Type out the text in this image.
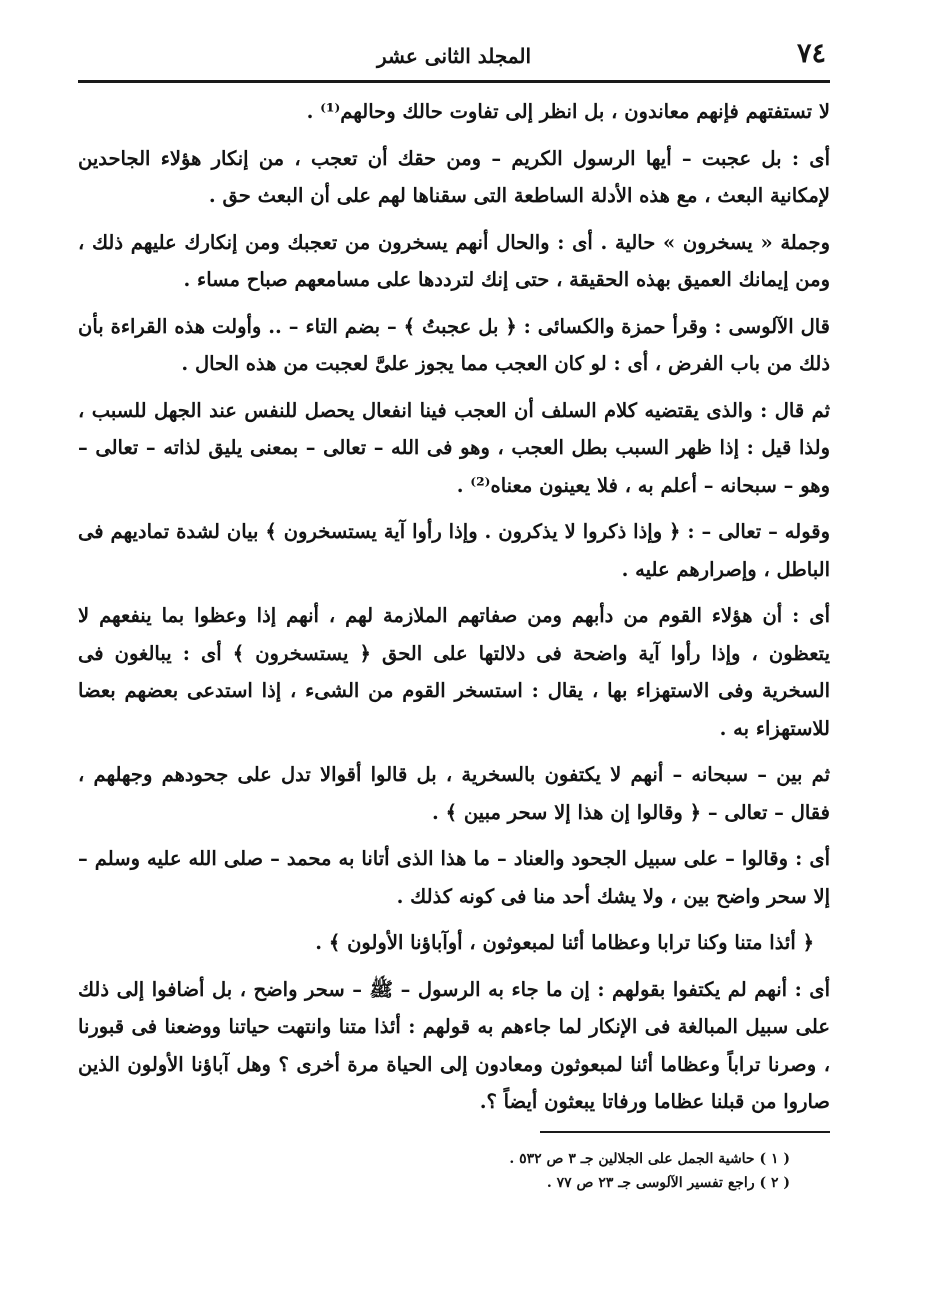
٧٤
المجلد الثانى عشر

لا تستفتهم فإنهم معاندون ، بل انظر إلى تفاوت حالك وحالهم⁽¹⁾ .

أى : بل عجبت – أيها الرسول الكريم – ومن حقك أن تعجب ، من إنكار هؤلاء الجاحدين لإمكانية البعث ، مع هذه الأدلة الساطعة التى سقناها لهم على أن البعث حق .

وجملة « يسخرون » حالية . أى : والحال أنهم يسخرون من تعجبك ومن إنكارك عليهم ذلك ، ومن إيمانك العميق بهذه الحقيقة ، حتى إنك لترددها على مسامعهم صباح مساء .

قال الآلوسى : وقرأ حمزة والكسائى : ﴿ بل عجبتُ ﴾ – بضم التاء – .. وأولت هذه القراءة بأن ذلك من باب الفرض ، أى : لو كان العجب مما يجوز علىَّ لعجبت من هذه الحال .

ثم قال : والذى يقتضيه كلام السلف أن العجب فينا انفعال يحصل للنفس عند الجهل للسبب ، ولذا قيل : إذا ظهر السبب بطل العجب ، وهو فى الله – تعالى – بمعنى يليق لذاته – تعالى – وهو – سبحانه – أعلم به ، فلا يعينون معناه⁽²⁾ .

وقوله – تعالى – : ﴿ وإذا ذكروا لا يذكرون . وإذا رأوا آية يستسخرون ﴾ بيان لشدة تماديهم فى الباطل ، وإصرارهم عليه .

أى : أن هؤلاء القوم من دأبهم ومن صفاتهم الملازمة لهم ، أنهم إذا وعظوا بما ينفعهم لا يتعظون ، وإذا رأوا آية واضحة فى دلالتها على الحق ﴿ يستسخرون ﴾ أى : يبالغون فى السخرية وفى الاستهزاء بها ، يقال : استسخر القوم من الشىء ، إذا استدعى بعضهم بعضا للاستهزاء به .

ثم بين – سبحانه – أنهم لا يكتفون بالسخرية ، بل قالوا أقوالا تدل على جحودهم وجهلهم ، فقال – تعالى – ﴿ وقالوا إن هذا إلا سحر مبين ﴾ .

أى : وقالوا – على سبيل الجحود والعناد – ما هذا الذى أتانا به محمد – صلى الله عليه وسلم – إلا سحر واضح بين ، ولا يشك أحد منا فى كونه كذلك .

﴿ أئذا متنا وكنا ترابا وعظاما أئنا لمبعوثون ، أوآباؤنا الأولون ﴾ .

أى : أنهم لم يكتفوا بقولهم : إن ما جاء به الرسول – ﷺ – سحر واضح ، بل أضافوا إلى ذلك على سبيل المبالغة فى الإنكار لما جاءهم به قولهم : أئذا متنا وانتهت حياتنا ووضعنا فى قبورنا ، وصرنا تراباً وعظاما أئنا لمبعوثون ومعادون إلى الحياة مرة أخرى ؟ وهل آباؤنا الأولون الذين صاروا من قبلنا عظاما ورفاتا يبعثون أيضاً ؟.

( ١ ) حاشية الجمل على الجلالين جـ ٣ ص ٥٣٢ .
( ٢ ) راجع تفسير الآلوسى جـ ٢٣ ص ٧٧ .
